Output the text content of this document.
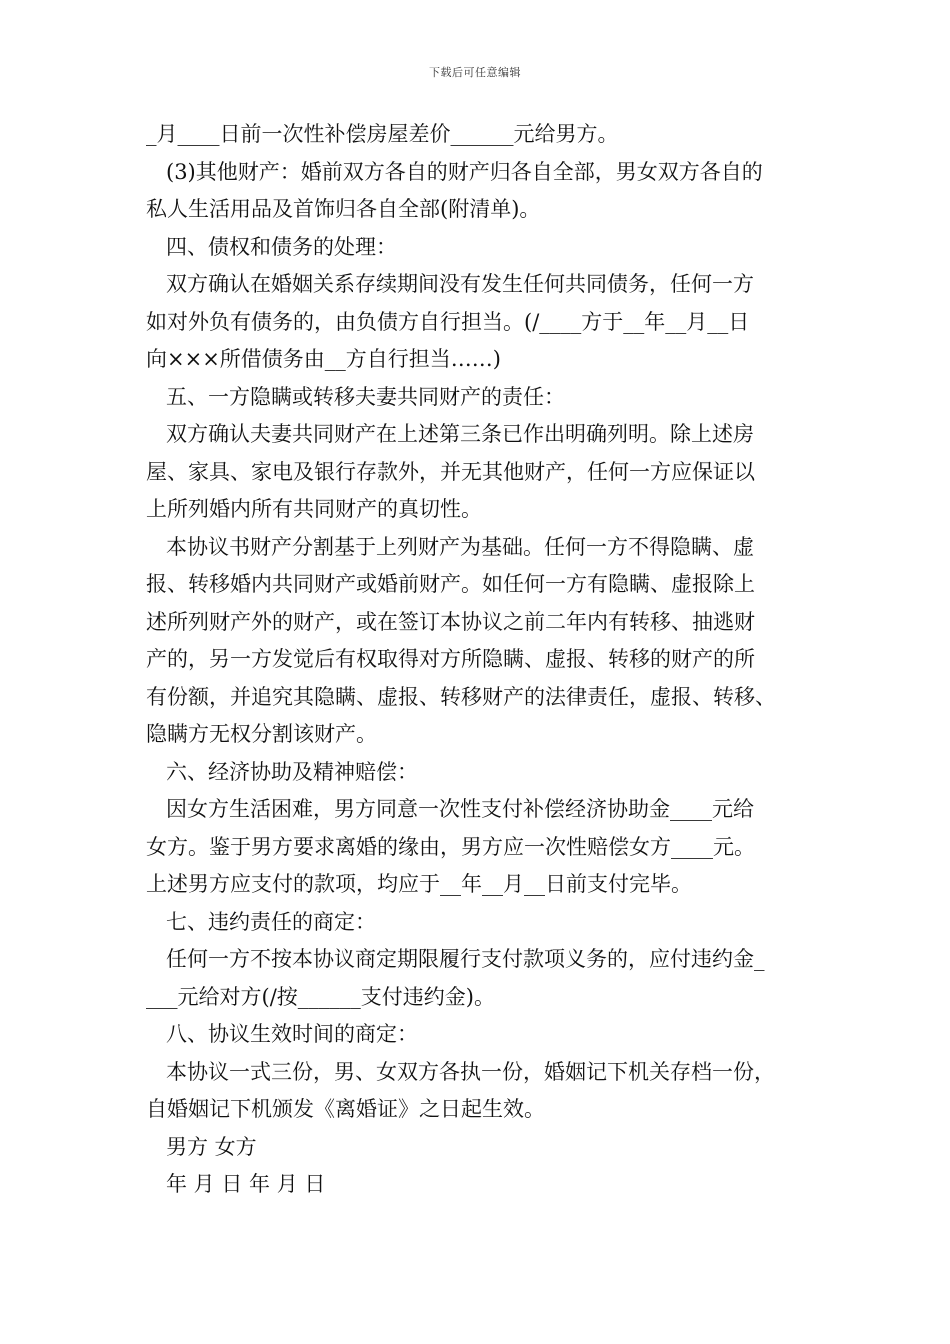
下载后可任意编辑
_月____日前一次性补偿房屋差价______元给男方。
(3)其他财产：婚前双方各自的财产归各自全部，男女双方各自的
私人生活用品及首饰归各自全部(附清单)。
四、债权和债务的处理：
双方确认在婚姻关系存续期间没有发生任何共同债务，任何一方
如对外负有债务的，由负债方自行担当。(/____方于__年__月__日
向×××所借债务由__方自行担当……)
五、一方隐瞒或转移夫妻共同财产的责任：
双方确认夫妻共同财产在上述第三条已作出明确列明。除上述房
屋、家具、家电及银行存款外，并无其他财产，任何一方应保证以
上所列婚内所有共同财产的真切性。
本协议书财产分割基于上列财产为基础。任何一方不得隐瞒、虚
报、转移婚内共同财产或婚前财产。如任何一方有隐瞒、虚报除上
述所列财产外的财产，或在签订本协议之前二年内有转移、抽逃财
产的，另一方发觉后有权取得对方所隐瞒、虚报、转移的财产的所
有份额，并追究其隐瞒、虚报、转移财产的法律责任，虚报、转移、
隐瞒方无权分割该财产。
六、经济协助及精神赔偿：
因女方生活困难，男方同意一次性支付补偿经济协助金____元给
女方。鉴于男方要求离婚的缘由，男方应一次性赔偿女方____元。
上述男方应支付的款项，均应于__年__月__日前支付完毕。
七、违约责任的商定：
任何一方不按本协议商定期限履行支付款项义务的，应付违约金_
___元给对方(/按______支付违约金)。
八、协议生效时间的商定：
本协议一式三份，男、女双方各执一份，婚姻记下机关存档一份，
自婚姻记下机颁发《离婚证》之日起生效。
男方 女方
年 月 日 年 月 日
